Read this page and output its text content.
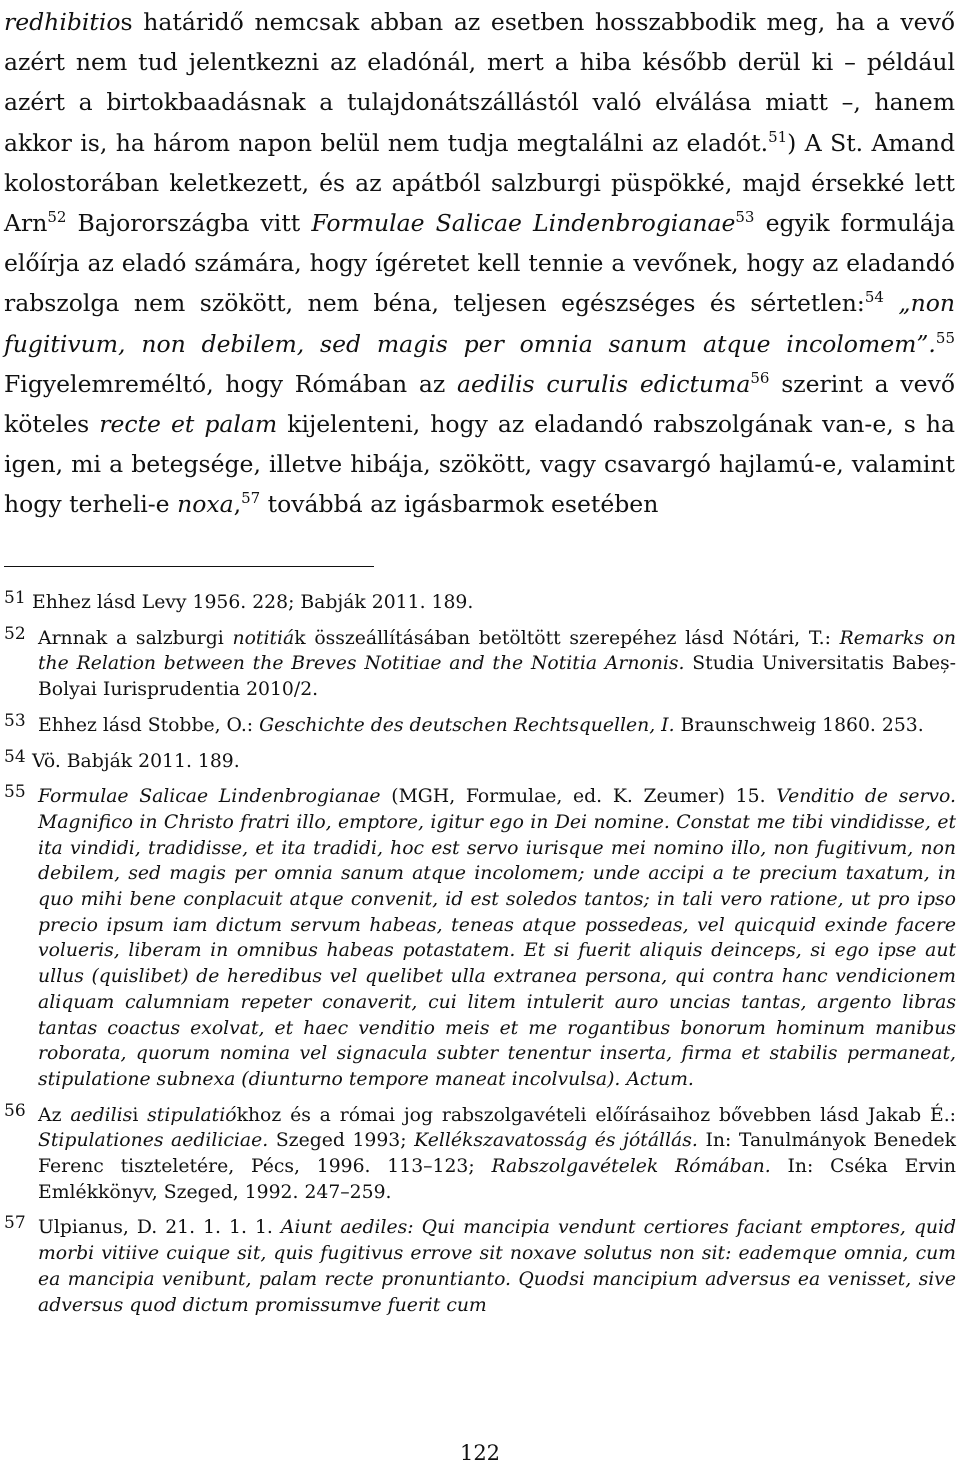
redhibitios határidő nemcsak abban az esetben hosszabbodik meg, ha a vevő azért nem tud jelentkezni az eladónál, mert a hiba később derül ki – például azért a birtokbaadásnak a tulajdonátszállástól való elválása miatt –, hanem akkor is, ha három napon belül nem tudja megtalálni az eladót.$^{51}$) A St. Amand kolostorában keletkezett, és az apátból salzburgi püspökké, majd érsekké lett Arn$^{52}$ Bajorországba vitt Formulae Salicae Lindenbrogianae$^{53}$ egyik formulája előírja az eladó számára, hogy ígéretet kell tennie a vevőnek, hogy az eladandó rabszolga nem szökött, nem béna, teljesen egészséges és sértetlen:$^{54}$ „non fugitivum, non debilem, sed magis per omnia sanum atque incolomem”.$^{55}$ Figyelemreméltó, hogy Rómában az aedilis curulis edictuma$^{56}$ szerint a vevő köteles recte et palam kijelenteni, hogy az eladandó rabszolgának van-e, s ha igen, mi a betegsége, illetve hibája, szökött, vagy csavargó hajlamú-e, valamint hogy terheli-e noxa,$^{57}$ továbbá az igásbarmok esetében
51 Ehhez lásd Levy 1956. 228; Babják 2011. 189.
52 Arnnak a salzburgi notitiák összeállításában betöltött szerepéhez lásd Nótári, T.: Remarks on the Relation between the Breves Notitiae and the Notitia Arnonis. Studia Universitatis Babeș-Bolyai Iurisprudentia 2010/2.
53 Ehhez lásd Stobbe, O.: Geschichte des deutschen Rechtsquellen, I. Braunschweig 1860. 253.
54 Vö. Babják 2011. 189.
55 Formulae Salicae Lindenbrogianae (MGH, Formulae, ed. K. Zeumer) 15. Venditio de servo. Magnifico in Christo fratri illo, emptore, igitur ego in Dei nomine. Constat me tibi vindidisse, et ita vindidi, tradidisse, et ita tradidi, hoc est servo iurisque mei nomino illo, non fugitivum, non debilem, sed magis per omnia sanum atque incolomem; unde accipi a te precium taxatum, in quo mihi bene conplacuit atque convenit, id est soledos tantos; in tali vero ratione, ut pro ipso precio ipsum iam dictum servum habeas, teneas atque possedeas, vel quicquid exinde facere volueris, liberam in omnibus habeas potastatem. Et si fuerit aliquis deinceps, si ego ipse aut ullus (quislibet) de heredibus vel quelibet ulla extranea persona, qui contra hanc vendicionem aliquam calumniam repeter conaverit, cui litem intulerit auro uncias tantas, argento libras tantas coactus exolvat, et haec venditio meis et me rogantibus bonorum hominum manibus roborata, quorum nomina vel signacula subter tenentur inserta, firma et stabilis permaneat, stipulatione subnexa (diunturno tempore maneat incolvulsa). Actum.
56 Az aedilisi stipulatiókhoz és a római jog rabszolgavételi előírásaihoz bővebben lásd Jakab É.: Stipulationes aediliciae. Szeged 1993; Kellékszavatosság és jótállás. In: Tanulmányok Benedek Ferenc tiszteletére, Pécs, 1996. 113–123; Rabszolgavételek Rómában. In: Cséka Ervin Emlékkönyv, Szeged, 1992. 247–259.
57 Ulpianus, D. 21. 1. 1. 1. Aiunt aediles: Qui mancipia vendunt certiores faciant emptores, quid morbi vitiive cuique sit, quis fugitivus errove sit noxave solutus non sit: eademque omnia, cum ea mancipia venibunt, palam recte pronuntianto. Quodsi mancipium adversus ea venisset, sive adversus quod dictum promissumve fuerit cum
122
